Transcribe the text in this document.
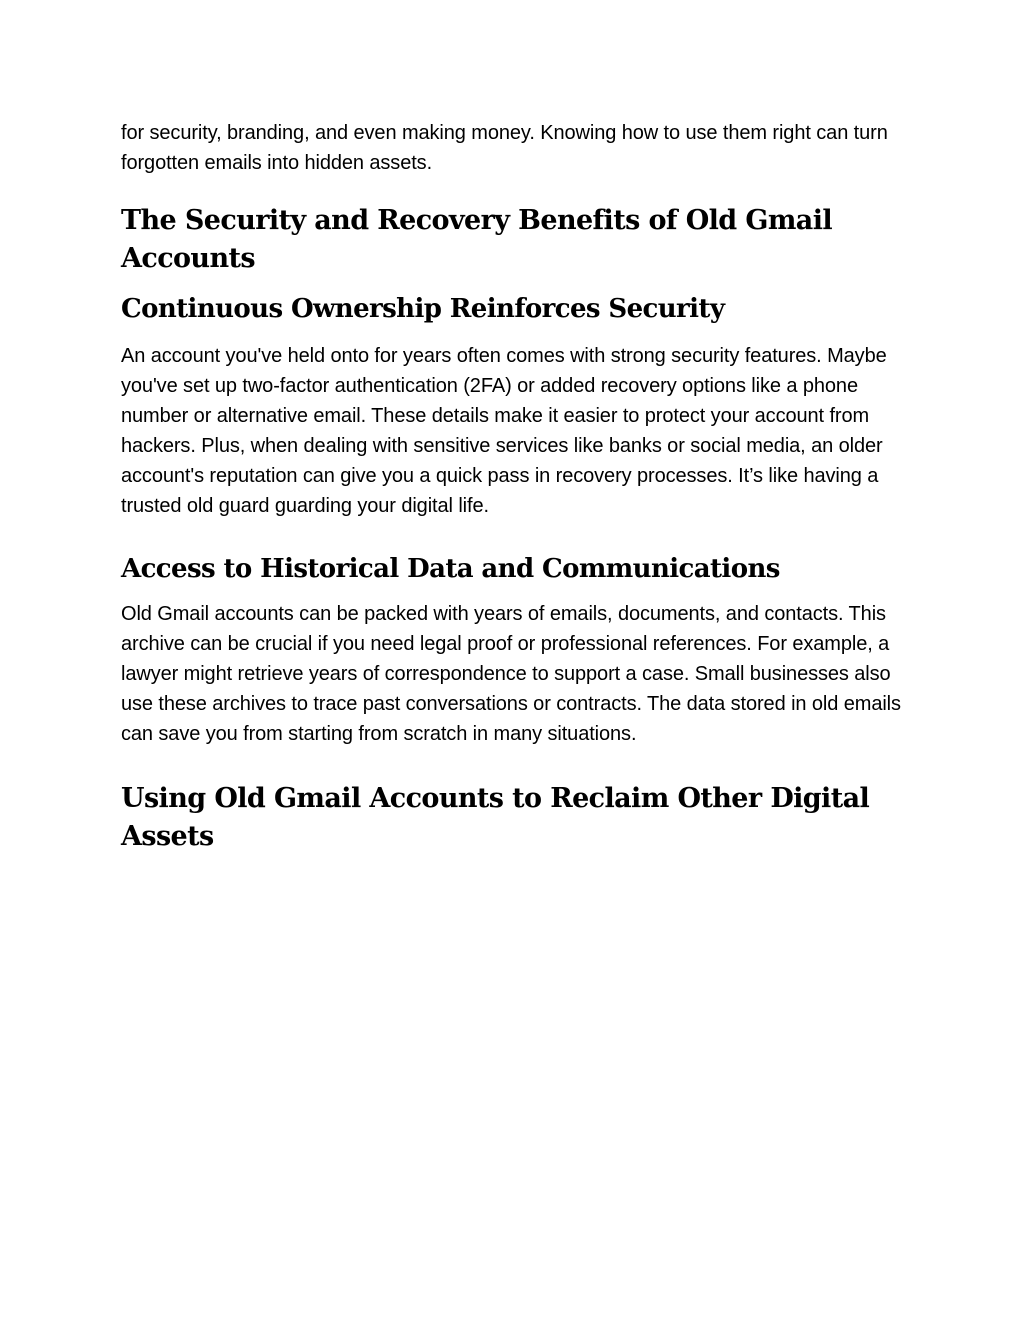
for security, branding, and even making money. Knowing how to use them right can turn forgotten emails into hidden assets.

The Security and Recovery Benefits of Old Gmail Accounts
Continuous Ownership Reinforces Security

An account you've held onto for years often comes with strong security features. Maybe you've set up two-factor authentication (2FA) or added recovery options like a phone number or alternative email. These details make it easier to protect your account from hackers. Plus, when dealing with sensitive services like banks or social media, an older account's reputation can give you a quick pass in recovery processes. It’s like having a trusted old guard guarding your digital life.

Access to Historical Data and Communications

Old Gmail accounts can be packed with years of emails, documents, and contacts. This archive can be crucial if you need legal proof or professional references. For example, a lawyer might retrieve years of correspondence to support a case. Small businesses also use these archives to trace past conversations or contracts. The data stored in old emails can save you from starting from scratch in many situations.

Using Old Gmail Accounts to Reclaim Other Digital Assets
